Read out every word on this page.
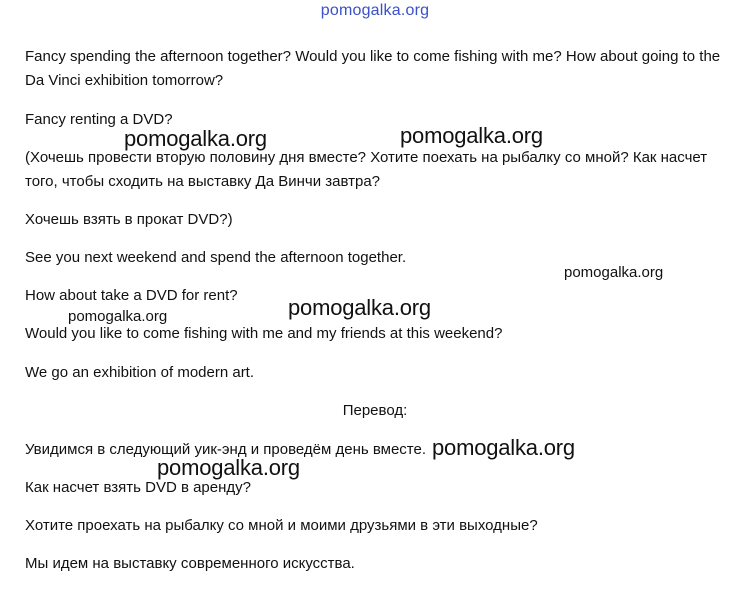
pomogalka.org
Fancy spending the afternoon together? Would you like to come fishing with me? How about going to the Da Vinci exhibition tomorrow?
Fancy renting a DVD?
(Хочешь провести вторую половину дня вместе? Хотите поехать на рыбалку со мной? Как насчет того, чтобы сходить на выставку Да Винчи завтра?
Хочешь взять в прокат DVD?)
See you next weekend and spend the afternoon together.
How about take a DVD for rent?
Would you like to come fishing with me and my friends at this weekend?
We go an exhibition of modern art.
Перевод:
Увидимся в следующий уик-энд и проведём день вместе.
Как насчет взять DVD в аренду?
Хотите проехать на рыбалку со мной и моими друзьями в эти выходные?
Мы идем на выставку современного искусства.
pomogalka.org	pomogalka.org
pomogalka.org
pomogalka.org
pomogalka.org
pomogalka.org
pomogalka.org
